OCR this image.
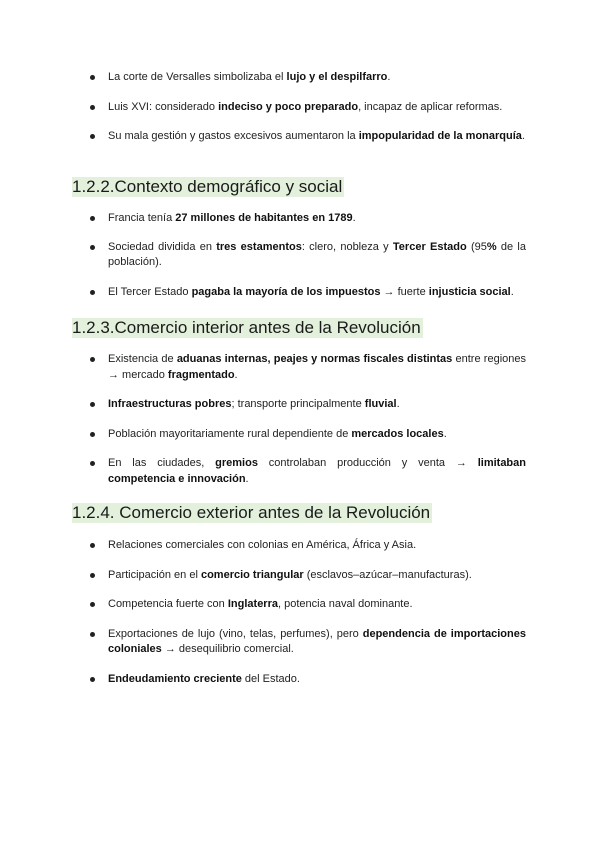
La corte de Versalles simbolizaba el lujo y el despilfarro.
Luis XVI: considerado indeciso y poco preparado, incapaz de aplicar reformas.
Su mala gestión y gastos excesivos aumentaron la impopularidad de la monarquía.
1.2.2.Contexto demográfico y social
Francia tenía 27 millones de habitantes en 1789.
Sociedad dividida en tres estamentos: clero, nobleza y Tercer Estado (95% de la población).
El Tercer Estado pagaba la mayoría de los impuestos → fuerte injusticia social.
1.2.3.Comercio interior antes de la Revolución
Existencia de aduanas internas, peajes y normas fiscales distintas entre regiones → mercado fragmentado.
Infraestructuras pobres; transporte principalmente fluvial.
Población mayoritariamente rural dependiente de mercados locales.
En las ciudades, gremios controlaban producción y venta → limitaban competencia e innovación.
1.2.4. Comercio exterior antes de la Revolución
Relaciones comerciales con colonias en América, África y Asia.
Participación en el comercio triangular (esclavos–azúcar–manufacturas).
Competencia fuerte con Inglaterra, potencia naval dominante.
Exportaciones de lujo (vino, telas, perfumes), pero dependencia de importaciones coloniales → desequilibrio comercial.
Endeudamiento creciente del Estado.
